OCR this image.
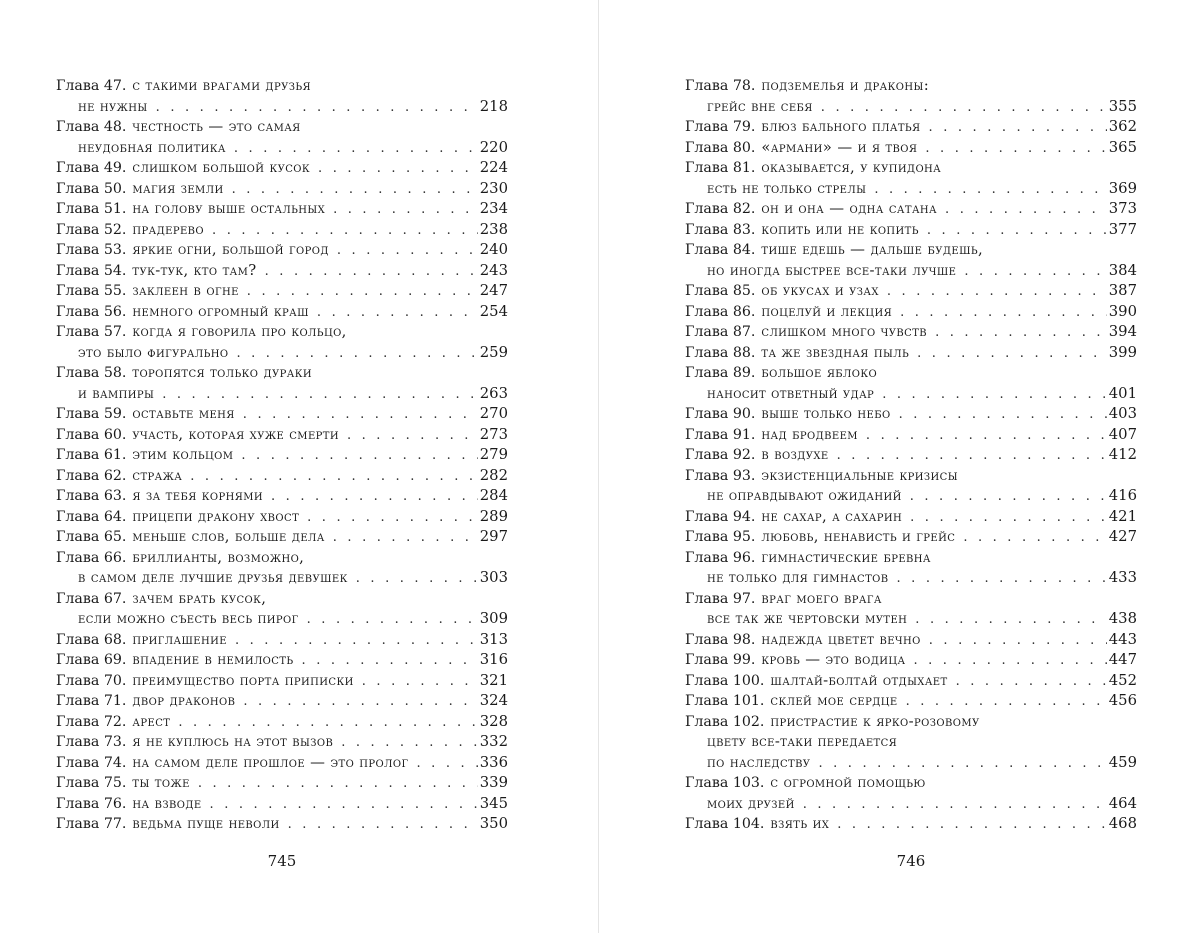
Глава 47. с такими врагами друзья
не нужны . . .	218
Глава 48. честность — это самая
неудобная политика . . .	220
Глава 49. слишком большой кусок . . .	224
Глава 50. магия земли . . .	230
Глава 51. на голову выше остальных . . .	234
Глава 52. прадерево . . .	238
Глава 53. яркие огни, большой город . . .	240
Глава 54. тук-тук, кто там? . . .	243
Глава 55. заклеен в огне . . .	247
Глава 56. немного огромный краш . . .	254
Глава 57. когда я говорила про кольцо,
это было фигурально . . .	259
Глава 58. торопятся только дураки
и вампиры . . .	263
Глава 59. оставьте меня . . .	270
Глава 60. участь, которая хуже смерти . . .	273
Глава 61. этим кольцом . . .	279
Глава 62. стража . . .	282
Глава 63. я за тебя корнями . . .	284
Глава 64. прицепи дракону хвост . . .	289
Глава 65. меньше слов, больше дела . . .	297
Глава 66. бриллианты, возможно,
в самом деле лучшие друзья девушек . . .	303
Глава 67. зачем брать кусок,
если можно съесть весь пирог . . .	309
Глава 68. приглашение . . .	313
Глава 69. впадение в немилость . . .	316
Глава 70. преимущество порта приписки . . .	321
Глава 71. двор драконов . . .	324
Глава 72. арест . . .	328
Глава 73. я не куплюсь на этот вызов . . .	332
Глава 74. на самом деле прошлое — это пролог . . .	336
Глава 75. ты тоже . . .	339
Глава 76. на взводе . . .	345
Глава 77. ведьма пуще неволи . . .	350
745
Глава 78. подземелья и драконы:
грейс вне себя . . .	355
Глава 79. блюз бального платья . . .	362
Глава 80. «армани» — и я твоя . . .	365
Глава 81. оказывается, у купидона
есть не только стрелы . . .	369
Глава 82. он и она — одна сатана . . .	373
Глава 83. копить или не копить . . .	377
Глава 84. тише едешь — дальше будешь,
но иногда быстрее все-таки лучше . . .	384
Глава 85. об укусах и узах . . .	387
Глава 86. поцелуй и лекция . . .	390
Глава 87. слишком много чувств . . .	394
Глава 88. та же звездная пыль . . .	399
Глава 89. большое яблоко
наносит ответный удар . . .	401
Глава 90. выше только небо . . .	403
Глава 91. над бродвеем . . .	407
Глава 92. в воздухе . . .	412
Глава 93. экзистенциальные кризисы
не оправдывают ожиданий . . .	416
Глава 94. не сахар, а сахарин . . .	421
Глава 95. любовь, ненависть и грейс . . .	427
Глава 96. гимнастические бревна
не только для гимнастов . . .	433
Глава 97. враг моего врага
все так же чертовски мутен . . .	438
Глава 98. надежда цветет вечно . . .	443
Глава 99. кровь — это водица . . .	447
Глава 100. шалтай-болтай отдыхает . . .	452
Глава 101. склей мое сердце . . .	456
Глава 102. пристрастие к ярко-розовому
цвету все-таки передается
по наследству . . .	459
Глава 103. с огромной помощью
моих друзей . . .	464
Глава 104. взять их . . .	468
746
